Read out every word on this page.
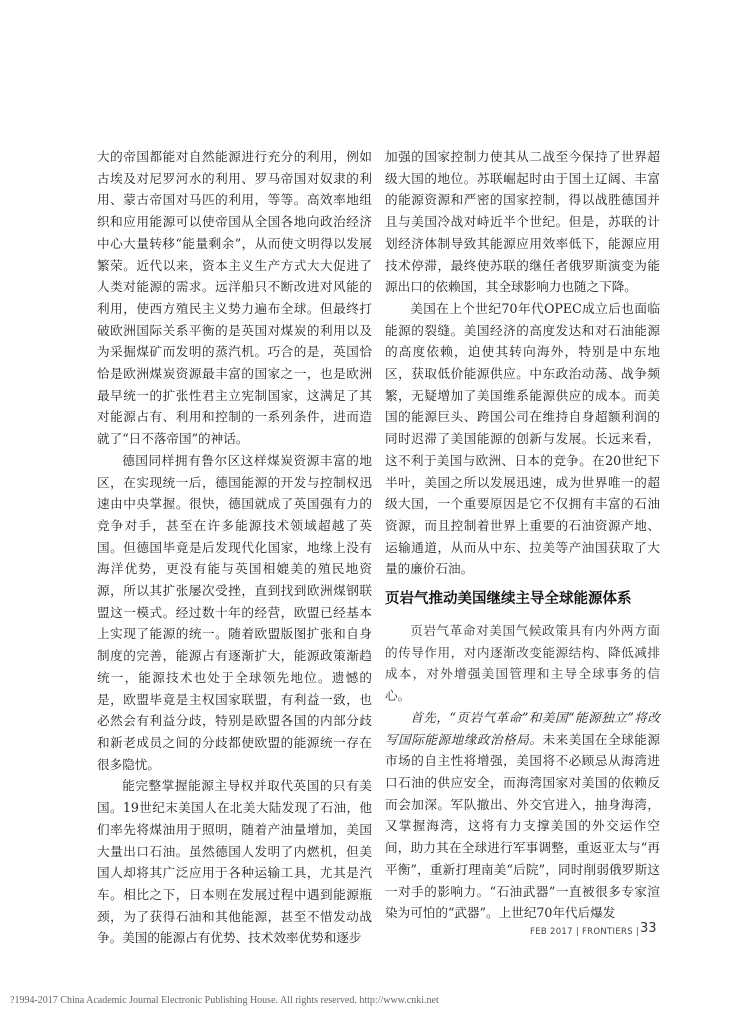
大的帝国都能对自然能源进行充分的利用，例如古埃及对尼罗河水的利用、罗马帝国对奴隶的利用、蒙古帝国对马匹的利用，等等。高效率地组织和应用能源可以使帝国从全国各地向政治经济中心大量转移“能量剩余”，从而使文明得以发展繁荣。近代以来，资本主义生产方式大大促进了人类对能源的需求。远洋船只不断改进对风能的利用，使西方殖民主义势力遍布全球。但最终打破欧洲国际关系平衡的是英国对煤炭的利用以及为采掘煤矿而发明的蒸汽机。巧合的是，英国恰恰是欧洲煤炭资源最丰富的国家之一，也是欧洲最早统一的扩张性君主立宪制国家，这满足了其对能源占有、利用和控制的一系列条件，进而造就了“日不落帝国”的神话。

德国同样拥有鲁尔区这样煤炭资源丰富的地区，在实现统一后，德国能源的开发与控制权迅速由中央掌握。很快，德国就成了英国强有力的竞争对手，甚至在许多能源技术领域超越了英国。但德国毕竟是后发现代化国家，地缘上没有海洋优势，更没有能与英国相媲美的殖民地资源，所以其扩张屡次受挫，直到找到欧洲煤钢联盟这一模式。经过数十年的经营，欧盟已经基本上实现了能源的统一。随着欧盟版图扩张和自身制度的完善，能源占有逐渐扩大，能源政策渐趋统一，能源技术也处于全球领先地位。遗憾的是，欧盟毕竟是主权国家联盟，有利益一致，也必然会有利益分歧，特别是欧盟各国的内部分歧和新老成员之间的分歧都使欧盟的能源统一存在很多隐忧。

能完整掌握能源主导权并取代英国的只有美国。19世纪末美国人在北美大陆发现了石油，他们率先将煤油用于照明，随着产油量增加，美国大量出口石油。虽然德国人发明了内燃机，但美国人却将其广泛应用于各种运输工具，尤其是汽车。相比之下，日本则在发展过程中遇到能源瓶颈，为了获得石油和其他能源，甚至不惜发动战争。美国的能源占有优势、技术效率优势和逐步

加强的国家控制力使其从二战至今保持了世界超级大国的地位。苏联崛起时由于国土辽阔、丰富的能源资源和严密的国家控制，得以战胜德国并且与美国冷战对峙近半个世纪。但是，苏联的计划经济体制导致其能源应用效率低下，能源应用技术停滞，最终使苏联的继任者俄罗斯演变为能源出口的依赖国，其全球影响力也随之下降。

美国在上个世纪70年代OPEC成立后也面临能源的裂缝。美国经济的高度发达和对石油能源的高度依赖，迫使其转向海外，特别是中东地区，获取低价能源供应。中东政治动荡、战争频繁，无疑增加了美国维系能源供应的成本。而美国的能源巨头、跨国公司在维持自身超额利润的同时迟滞了美国能源的创新与发展。长远来看，这不利于美国与欧洲、日本的竞争。在20世纪下半叶，美国之所以发展迅速，成为世界唯一的超级大国，一个重要原因是它不仅拥有丰富的石油资源，而且控制着世界上重要的石油资源产地、运输通道，从而从中东、拉美等产油国获取了大量的廉价石油。

页岩气推动美国继续主导全球能源体系

页岩气革命对美国气候政策具有内外两方面的传导作用，对内逐渐改变能源结构、降低减排成本，对外增强美国管理和主导全球事务的信心。

首先，“页岩气革命”和美国“能源独立”将改写国际能源地缘政治格局。未来美国在全球能源市场的自主性将增强，美国将不必顾忌从海湾进口石油的供应安全，而海湾国家对美国的依赖反而会加深。军队撤出、外交官进入，抽身海湾，又掌握海湾，这将有力支撑美国的外交运作空间，助力其在全球进行军事调整，重返亚太与“再平衡”，重新打理南美“后院”，同时削弱俄罗斯这一对手的影响力。“石油武器”一直被很多专家渲染为可怕的“武器”。上世纪70年代后爆发

FEB 2017 | FRONTIERS | 33
?1994-2017 China Academic Journal Electronic Publishing House. All rights reserved. http://www.cnki.net
